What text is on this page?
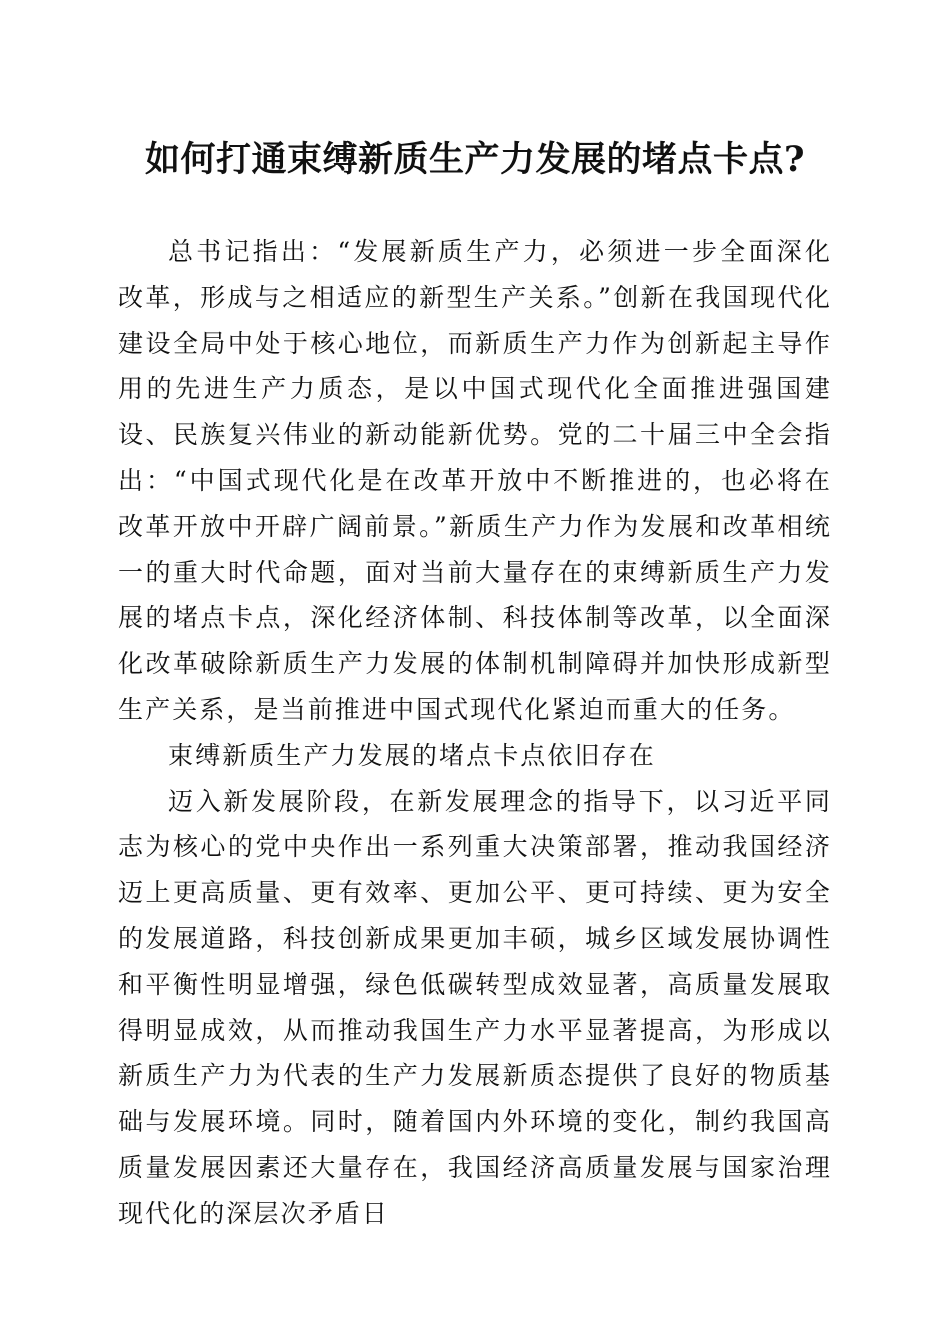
如何打通束缚新质生产力发展的堵点卡点?

总书记指出：“发展新质生产力，必须进一步全面深化改革，形成与之相适应的新型生产关系。”创新在我国现代化建设全局中处于核心地位，而新质生产力作为创新起主导作用的先进生产力质态，是以中国式现代化全面推进强国建设、民族复兴伟业的新动能新优势。党的二十届三中全会指出：“中国式现代化是在改革开放中不断推进的，也必将在改革开放中开辟广阔前景。”新质生产力作为发展和改革相统一的重大时代命题，面对当前大量存在的束缚新质生产力发展的堵点卡点，深化经济体制、科技体制等改革，以全面深化改革破除新质生产力发展的体制机制障碍并加快形成新型生产关系，是当前推进中国式现代化紧迫而重大的任务。

束缚新质生产力发展的堵点卡点依旧存在

迈入新发展阶段，在新发展理念的指导下，以习近平同志为核心的党中央作出一系列重大决策部署，推动我国经济迈上更高质量、更有效率、更加公平、更可持续、更为安全的发展道路，科技创新成果更加丰硕，城乡区域发展协调性和平衡性明显增强，绿色低碳转型成效显著，高质量发展取得明显成效，从而推动我国生产力水平显著提高，为形成以新质生产力为代表的生产力发展新质态提供了良好的物质基础与发展环境。同时，随着国内外环境的变化，制约我国高质量发展因素还大量存在，我国经济高质量发展与国家治理现代化的深层次矛盾日
